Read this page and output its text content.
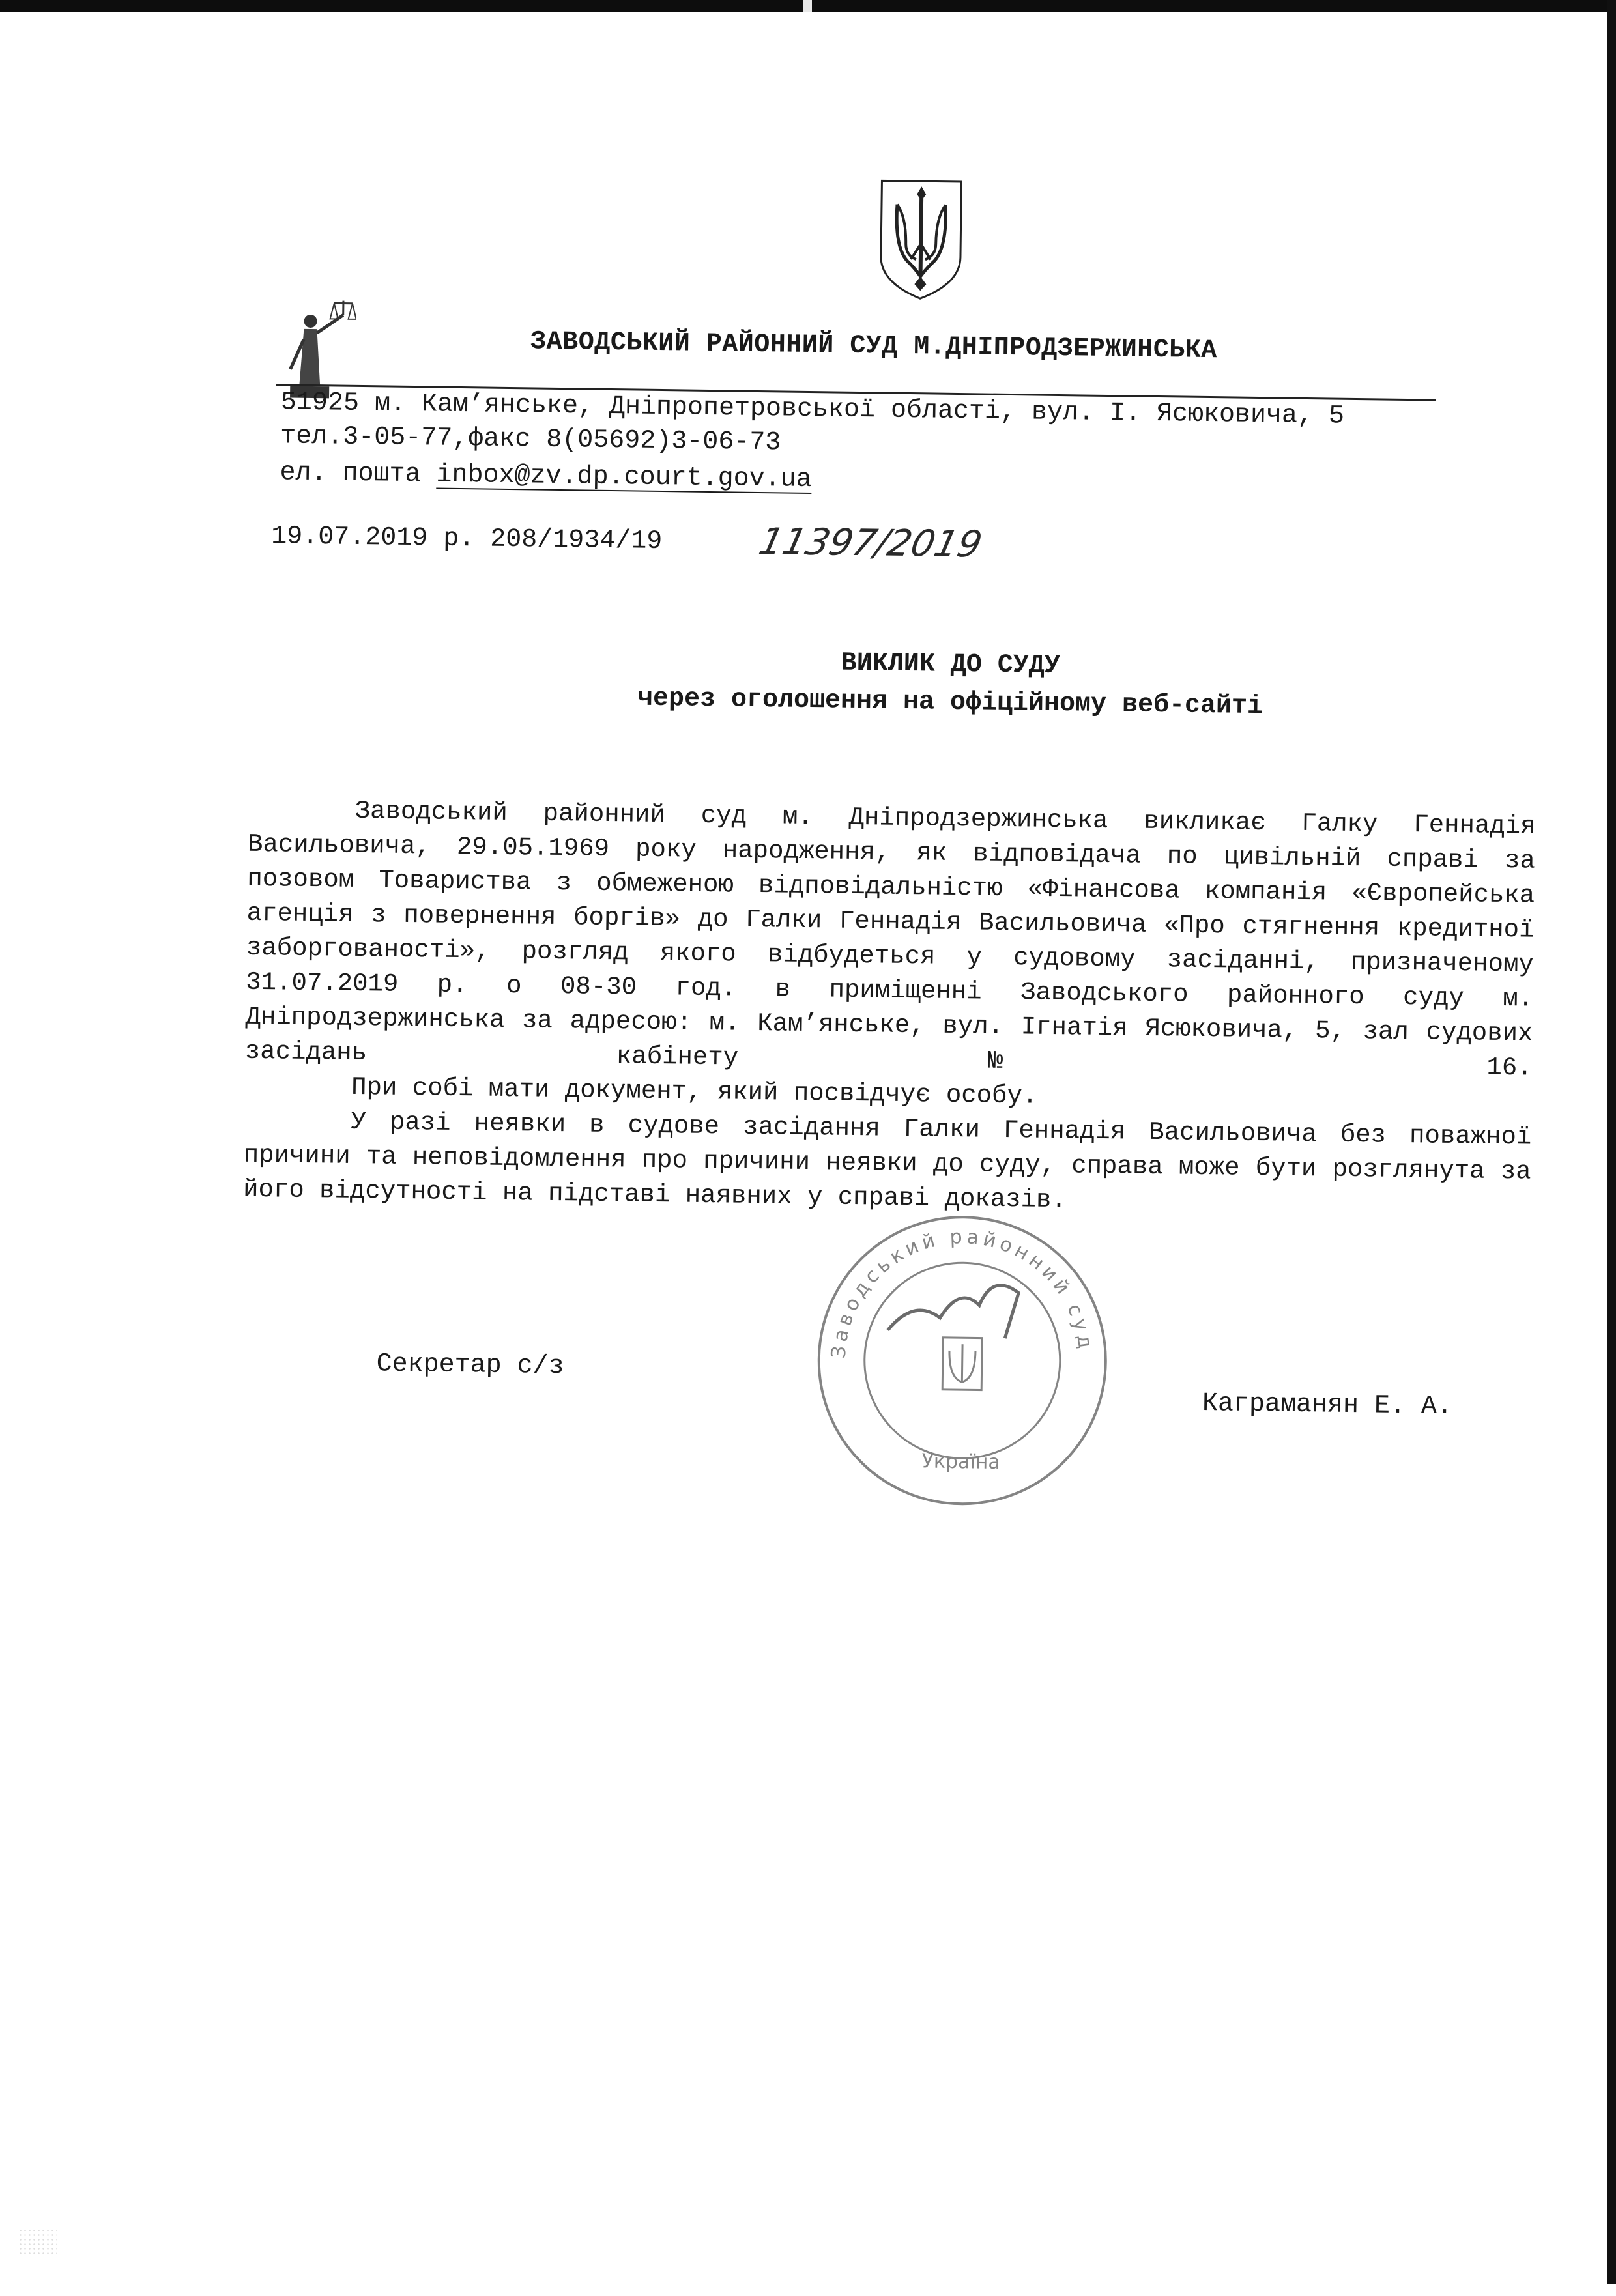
ЗАВОДСЬКИЙ РАЙОННИЙ СУД М.ДНІПРОДЗЕРЖИНСЬКА
51925 м. Кам’янське, Дніпропетровської області, вул. І. Ясюковича, 5
тел.3-05-77,факс 8(05692)3-06-73
ел. пошта inbox@zv.dp.court.gov.ua
19.07.2019 р. 208/1934/19	11397/2019
ВИКЛИК ДО СУДУ
через оголошення на офіційному веб-сайті

Заводський районний суд м. Дніпродзержинська викликає Галку Геннадія Васильовича, 29.05.1969 року народження, як відповідача по цивільній справі за позовом Товариства з обмеженою відповідальністю «Фінансова компанія «Європейська агенція з повернення боргів» до Галки Геннадія Васильовича «Про стягнення кредитної заборгованості», розгляд якого відбудеться у судовому засіданні, призначеному 31.07.2019 р. о 08-30 год. в приміщенні Заводського районного суду м. Дніпродзержинська за адресою: м. Кам’янське, вул. Ігнатія Ясюковича, 5, зал судових засідань кабінету № 16.

При собі мати документ, який посвідчує особу.

У разі неявки в судове засідання Галки Геннадія Васильовича без поважної причини та неповідомлення про причини неявки до суду, справа може бути розглянута за його відсутності на підставі наявних у справі доказів.

Секретар с/з
Каграманян Е. А.
Заводський районний суд
Україна
